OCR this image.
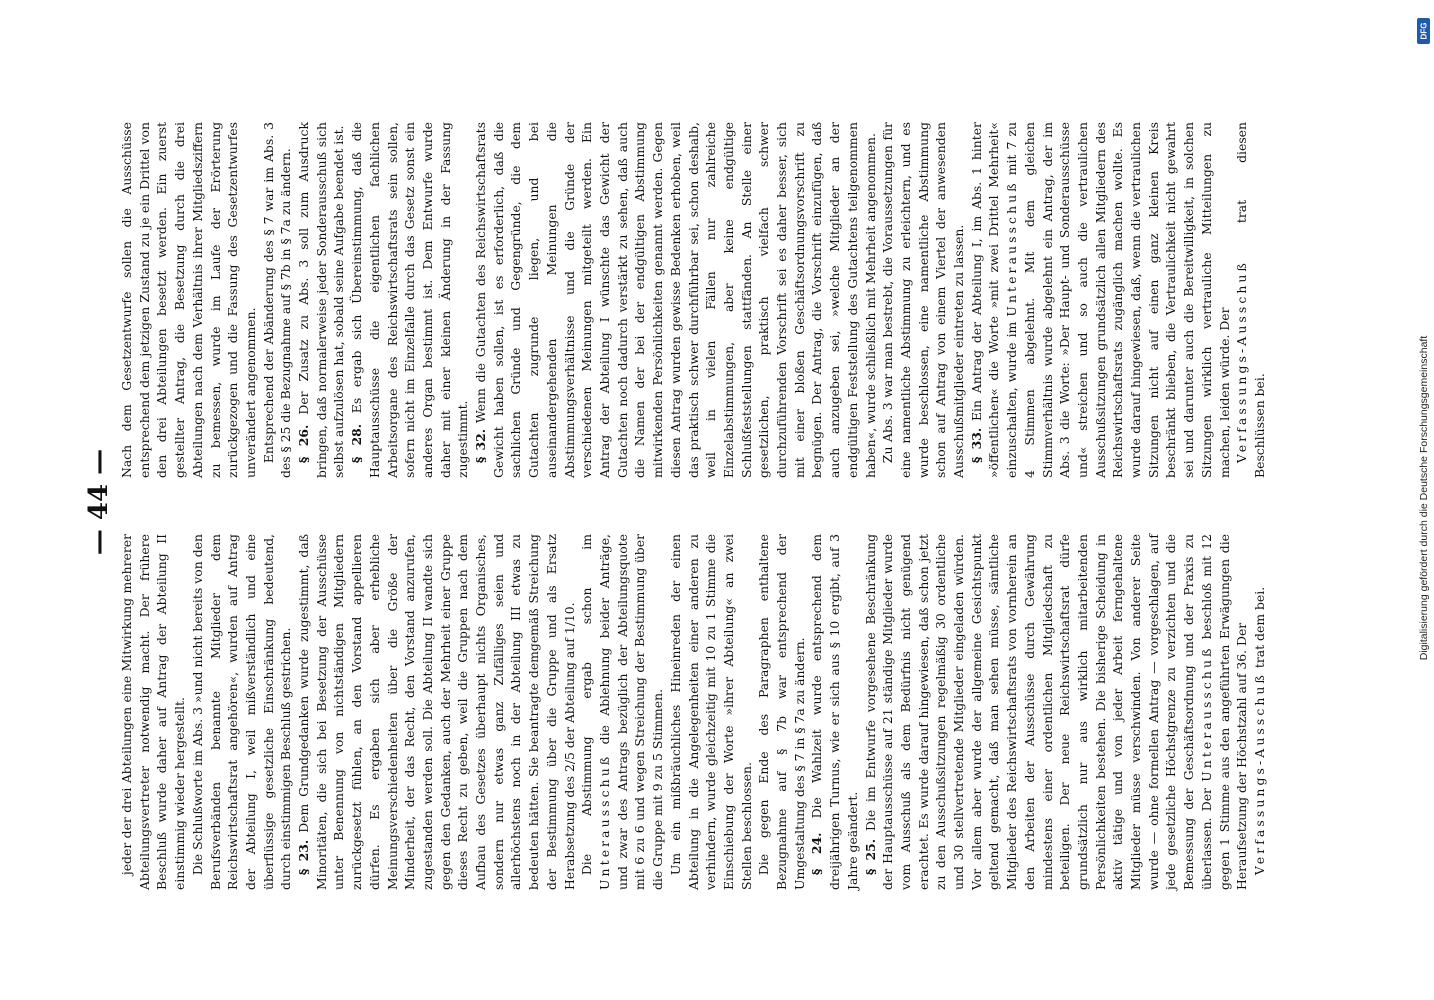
— 44 —

jeder der drei Abteilungen eine Mitwirkung mehrerer Abteilungsvertreter notwendig macht. Der frühere Beschluß wurde daher auf Antrag der Abteilung II einstimmig wieder hergestellt. Die Schlußworte im Abs. 3 »und nicht bereits von den Berufsverbänden benannte Mitglieder dem Reichswirtschaftsrat angehören«, wurden auf Antrag der Abteilung I, weil mißverständlich und eine überflüssige gesetzliche Einschränkung bedeutend, durch einstimmigen Beschluß gestrichen. § 23. Dem Grundgedanken wurde zugestimmt, daß Minoritäten, die sich bei Besetzung der Ausschüsse unter Benennung von nichtständigen Mitgliedern zurückgesetzt fühlen, an den Vorstand appellieren dürfen. Es ergaben sich aber erhebliche Meinungsverschiedenheiten über die Größe der Minderheit, der das Recht, den Vorstand anzurufen, zugestanden werden soll. Die Abteilung II wandte sich gegen den Gedanken, auch der Mehrheit einer Gruppe dieses Recht zu geben, weil die Gruppen nach dem Aufbau des Gesetzes überhaupt nichts Organisches, sondern nur etwas ganz Zufälliges seien und allerhöchstens noch in der Abteilung III etwas zu bedeuten hätten. Sie beantragte demgemäß Streichung der Bestimmung über die Gruppe und als Ersatz Herabsetzung des 2/5 der Abteilung auf 1/10. Die Abstimmung ergab schon im Unterausschuß die Ablehnung beider Anträge, und zwar des Antrags bezüglich der Abteilungsquote mit 6 zu 6 und wegen Streichung der Bestimmung über die Gruppe mit 9 zu 5 Stimmen. Um ein mißbräuchliches Hineinreden der einen Abteilung in die Angelegenheiten einer anderen zu verhindern, wurde gleichzeitig mit 10 zu 1 Stimme die Einschiebung der Worte »ihrer Abteilung« an zwei Stellen beschlossen. Die gegen Ende des Paragraphen enthaltene Bezugnahme auf § 7b war entsprechend der Umgestaltung des § 7 in § 7a zu ändern. § 24. Die Wahlzeit wurde entsprechend dem dreijährigen Turnus, wie er sich aus § 10 ergibt, auf 3 Jahre geändert. § 25. Die im Entwurfe vorgesehene Beschränkung der Hauptausschüsse auf 21 ständige Mitglieder wurde vom Ausschuß als dem Bedürfnis nicht genügend erachtet. Es wurde darauf hingewiesen, daß schon jetzt zu den Ausschußsitzungen regelmäßig 30 ordentliche und 30 stellvertretende Mitglieder eingeladen würden. Vor allem aber wurde der allgemeine Gesichtspunkt geltend gemacht, daß man sehen müsse, sämtliche Mitglieder des Reichswirtschaftsrats von vornherein an den Arbeiten der Ausschüsse durch Gewährung mindestens einer ordentlichen Mitgliedschaft zu beteiligen. Der neue Reichswirtschaftsrat dürfe grundsätzlich nur aus wirklich mitarbeitenden Persönlichkeiten bestehen. Die bisherige Scheidung in aktiv tätige und von jeder Arbeit ferngehaltene Mitglieder müsse verschwinden. Von anderer Seite wurde — ohne formellen Antrag — vorgeschlagen, auf jede gesetzliche Höchstgrenze zu verzichten und die Bemessung der Geschäftsordnung und der Praxis zu überlassen. Der Unterausschuß beschloß mit 12 gegen 1 Stimme aus den angeführten Erwägungen die Heraufsetzung der Höchstzahl auf 36. Der Verfassungs-Ausschuß trat dem bei.

Nach dem Gesetzentwurfe sollen die Ausschüsse entsprechend dem jetzigen Zustand zu je ein Drittel von den drei Abteilungen besetzt werden. Ein zuerst gestellter Antrag, die Besetzung durch die drei Abteilungen nach dem Verhältnis ihrer Mitgliedsziffern zu bemessen, wurde im Laufe der Erörterung zurückgezogen und die Fassung des Gesetzentwurfes unverändert angenommen. Entsprechend der Abänderung des § 7 war im Abs. 3 des § 25 die Bezugnahme auf § 7b in § 7a zu ändern. § 26. Der Zusatz zu Abs. 3 soll zum Ausdruck bringen, daß normalerweise jeder Sonderausschuß sich selbst aufzulösen hat, sobald seine Aufgabe beendet ist. § 28. Es ergab sich Übereinstimmung, daß die Hauptausschüsse die eigentlichen fachlichen Arbeitsorgane des Reichswirtschaftsrats sein sollen, sofern nicht im Einzelfalle durch das Gesetz sonst ein anderes Organ bestimmt ist. Dem Entwurfe wurde daher mit einer kleinen Änderung in der Fassung zugestimmt. § 32. Wenn die Gutachten des Reichswirtschaftsrats Gewicht haben sollen, ist es erforderlich, daß die sachlichen Gründe und Gegengründe, die dem Gutachten zugrunde liegen, und bei auseinandergehenden Meinungen die Abstimmungsverhältnisse und die Gründe der verschiedenen Meinungen mitgeteilt werden. Ein Antrag der Abteilung I wünschte das Gewicht der Gutachten noch dadurch verstärkt zu sehen, daß auch die Namen der bei der endgültigen Abstimmung mitwirkenden Persönlichkeiten genannt werden. Gegen diesen Antrag wurden gewisse Bedenken erhoben, weil das praktisch schwer durchführbar sei, schon deshalb, weil in vielen Fällen nur zahlreiche Einzelabstimmungen, aber keine endgültige Schlußfeststellungen stattfänden. An Stelle einer gesetzlichen, praktisch vielfach schwer durchzuführenden Vorschrift sei es daher besser, sich mit einer bloßen Geschäftsordnungsvorschrift zu begnügen. Der Antrag, die Vorschrift einzufügen, daß auch anzugeben sei, »welche Mitglieder an der endgültigen Feststellung des Gutachtens teilgenommen haben«, wurde schließlich mit Mehrheit angenommen. Zu Abs. 3 war man bestrebt, die Voraussetzungen für eine namentliche Abstimmung zu erleichtern, und es wurde beschlossen, eine namentliche Abstimmung schon auf Antrag von einem Viertel der anwesenden Ausschußmitglieder eintreten zu lassen. § 33. Ein Antrag der Abteilung I, im Abs. 1 hinter »öffentlichen« die Worte »mit zwei Drittel Mehrheit« einzuschalten, wurde im Unterausschuß mit 7 zu 4 Stimmen abgelehnt. Mit dem gleichen Stimmverhältnis wurde abgelehnt ein Antrag, der im Abs. 3 die Worte: »Der Haupt- und Sonderausschüsse und« streichen und so auch die vertraulichen Ausschußsitzungen grundsätzlich allen Mitgliedern des Reichswirtschaftsrats zugänglich machen wollte. Es wurde darauf hingewiesen, daß, wenn die vertraulichen Sitzungen nicht auf einen ganz kleinen Kreis beschränkt blieben, die Vertraulichkeit nicht gewahrt sei und darunter auch die Bereitwilligkeit, in solchen Sitzungen wirklich vertrauliche Mitteilungen zu machen, leiden würde. Der Verfassungs-Ausschuß trat diesen Beschlüssen bei.	Digitalisierung gefördert durch die Deutsche Forschungsgemeinschaft
DFG
